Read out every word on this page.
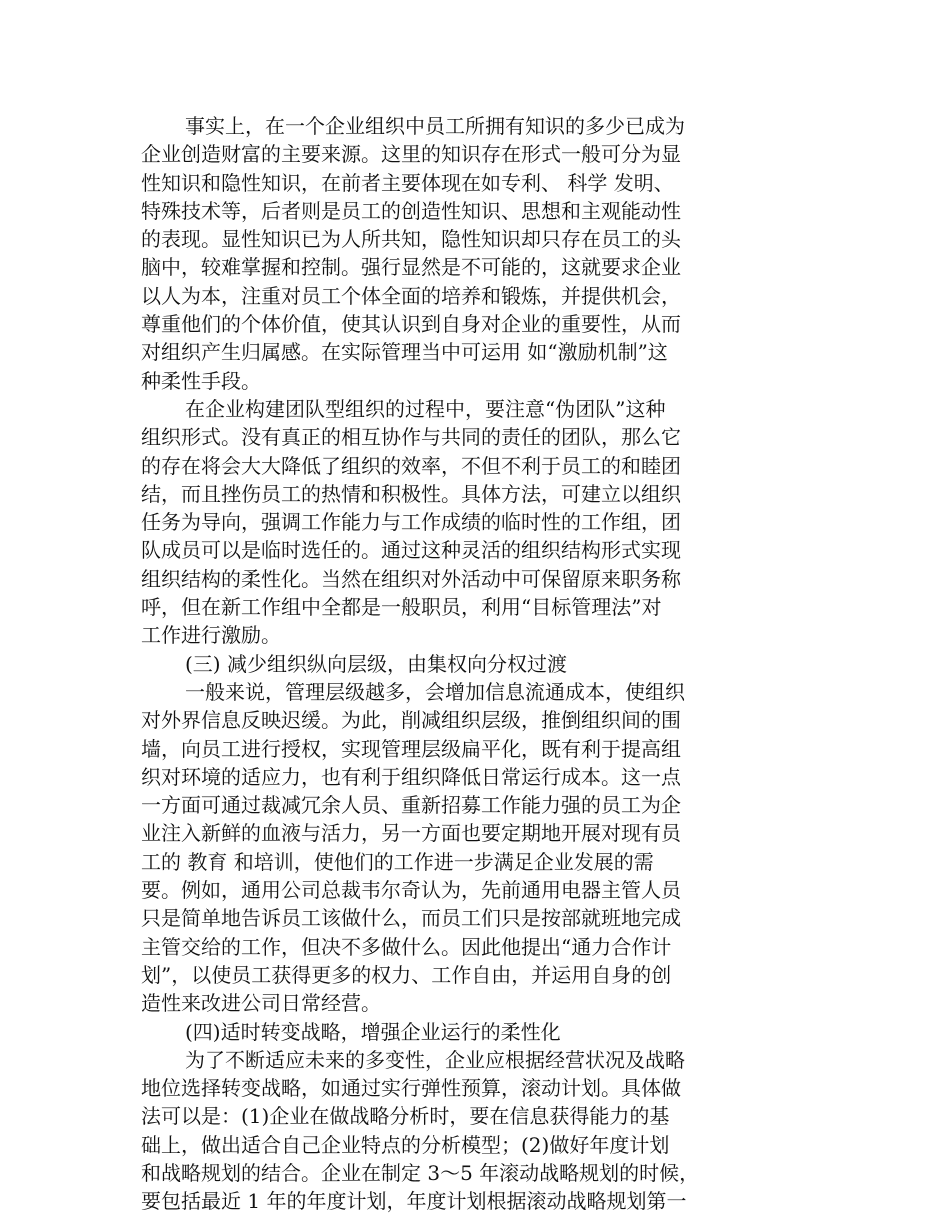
事实上，在一个企业组织中员工所拥有知识的多少已成为
企业创造财富的主要来源。这里的知识存在形式一般可分为显
性知识和隐性知识，在前者主要体现在如专利、 科学 发明、
特殊技术等，后者则是员工的创造性知识、思想和主观能动性
的表现。显性知识已为人所共知，隐性知识却只存在员工的头
脑中，较难掌握和控制。强行显然是不可能的，这就要求企业
以人为本，注重对员工个体全面的培养和锻炼，并提供机会，
尊重他们的个体价值，使其认识到自身对企业的重要性，从而
对组织产生归属感。在实际管理当中可运用 如“激励机制”这
种柔性手段。
在企业构建团队型组织的过程中，要注意“伪团队”这种
组织形式。没有真正的相互协作与共同的责任的团队，那么它
的存在将会大大降低了组织的效率，不但不利于员工的和睦团
结，而且挫伤员工的热情和积极性。具体方法，可建立以组织
任务为导向，强调工作能力与工作成绩的临时性的工作组，团
队成员可以是临时选任的。通过这种灵活的组织结构形式实现
组织结构的柔性化。当然在组织对外活动中可保留原来职务称
呼，但在新工作组中全都是一般职员，利用“目标管理法”对
工作进行激励。
(三) 减少组织纵向层级，由集权向分权过渡
一般来说，管理层级越多，会增加信息流通成本，使组织
对外界信息反映迟缓。为此，削减组织层级，推倒组织间的围
墙，向员工进行授权，实现管理层级扁平化，既有利于提高组
织对环境的适应力，也有利于组织降低日常运行成本。这一点
一方面可通过裁减冗余人员、重新招募工作能力强的员工为企
业注入新鲜的血液与活力，另一方面也要定期地开展对现有员
工的 教育 和培训，使他们的工作进一步满足企业发展的需
要。例如，通用公司总裁韦尔奇认为，先前通用电器主管人员
只是简单地告诉员工该做什么，而员工们只是按部就班地完成
主管交给的工作，但决不多做什么。因此他提出“通力合作计
划”，以使员工获得更多的权力、工作自由，并运用自身的创
造性来改进公司日常经营。
(四)适时转变战略，增强企业运行的柔性化
为了不断适应未来的多变性，企业应根据经营状况及战略
地位选择转变战略，如通过实行弹性预算，滚动计划。具体做
法可以是：(1)企业在做战略分析时，要在信息获得能力的基
础上，做出适合自己企业特点的分析模型；(2)做好年度计划
和战略规划的结合。企业在制定 3～5 年滚动战略规划的时候，
要包括最近 1 年的年度计划，年度计划根据滚动战略规划第一
